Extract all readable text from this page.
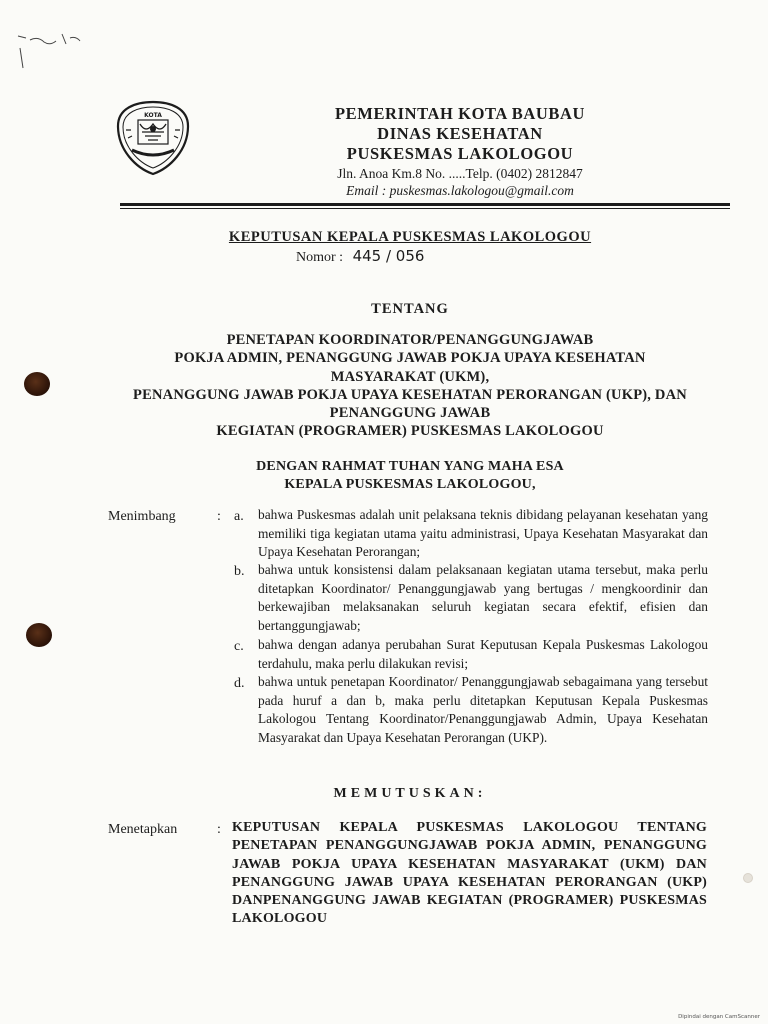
KOTA	PEMERINTAH KOTA BAUBAU
DINAS KESEHATAN
PUSKESMAS LAKOLOGOU
Jln. Anoa Km.8 No. .....Telp. (0402) 2812847
Email : puskesmas.lakologou@gmail.com
KEPUTUSAN KEPALA PUSKESMAS LAKOLOGOU
Nomor : 445 / 056
TENTANG
PENETAPAN KOORDINATOR/PENANGGUNGJAWAB
POKJA ADMIN, PENANGGUNG JAWAB POKJA UPAYA KESEHATAN
MASYARAKAT (UKM),
PENANGGUNG JAWAB POKJA UPAYA KESEHATAN PERORANGAN (UKP), DAN
PENANGGUNG JAWAB
KEGIATAN (PROGRAMER) PUSKESMAS LAKOLOGOU
DENGAN RAHMAT TUHAN YANG MAHA ESA
KEPALA PUSKESMAS LAKOLOGOU,
Menimbang	: a. bahwa Puskesmas adalah unit pelaksana teknis dibidang pelayanan kesehatan yang memiliki tiga kegiatan utama yaitu administrasi, Upaya Kesehatan Masyarakat dan Upaya Kesehatan Perorangan;
b. bahwa untuk konsistensi dalam pelaksanaan kegiatan utama tersebut, maka perlu ditetapkan Koordinator/ Penanggungjawab yang bertugas / mengkoordinir dan berkewajiban melaksanakan seluruh kegiatan secara efektif, efisien dan bertanggungjawab;
c. bahwa dengan adanya perubahan Surat Keputusan Kepala Puskesmas Lakologou terdahulu, maka perlu dilakukan revisi;
d. bahwa untuk penetapan Koordinator/ Penanggungjawab sebagaimana yang tersebut pada huruf a dan b, maka perlu ditetapkan Keputusan Kepala Puskesmas Lakologou Tentang Koordinator/Penanggungjawab Admin, Upaya Kesehatan Masyarakat dan Upaya Kesehatan Perorangan (UKP).
MEMUTUSKAN:
Menetapkan	: KEPUTUSAN KEPALA PUSKESMAS LAKOLOGOU TENTANG PENETAPAN PENANGGUNGJAWAB POKJA ADMIN, PENANGGUNG JAWAB POKJA UPAYA KESEHATAN MASYARAKAT (UKM) DAN PENANGGUNG JAWAB UPAYA KESEHATAN PERORANGAN (UKP) DANPENANGGUNG JAWAB KEGIATAN (PROGRAMER) PUSKESMAS LAKOLOGOU
Dipindai dengan CamScanner
